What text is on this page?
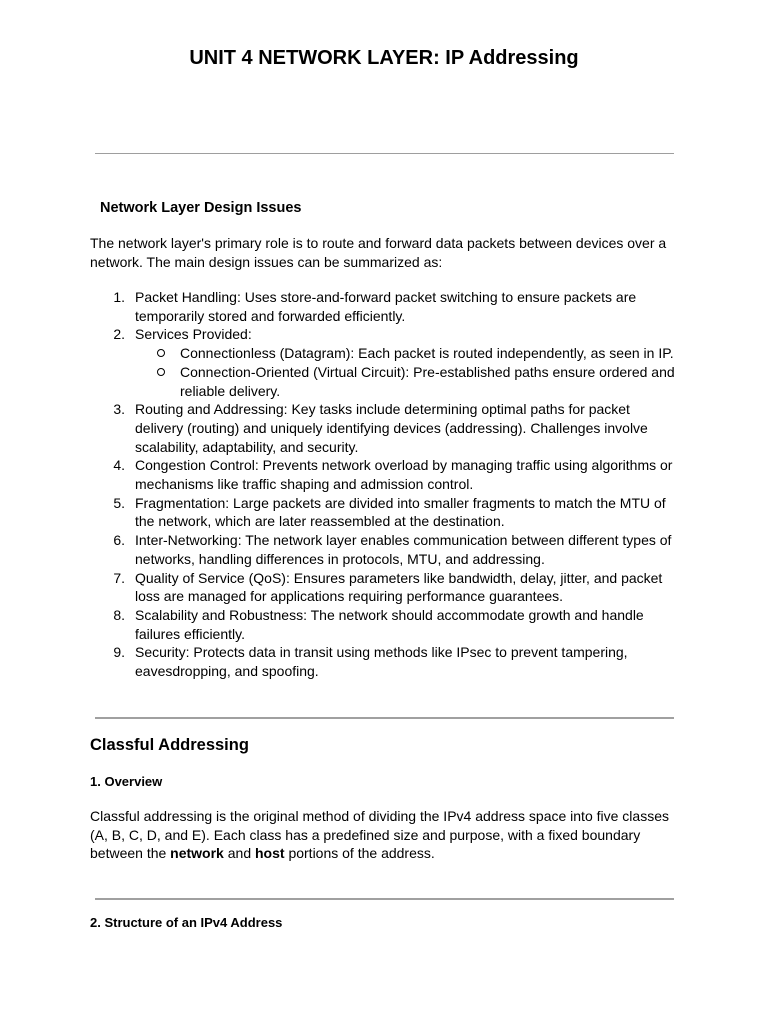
UNIT 4 NETWORK LAYER: IP Addressing
Network Layer Design Issues
The network layer's primary role is to route and forward data packets between devices over a network. The main design issues can be summarized as:
1. Packet Handling: Uses store-and-forward packet switching to ensure packets are temporarily stored and forwarded efficiently.
2. Services Provided:
Connectionless (Datagram): Each packet is routed independently, as seen in IP.
Connection-Oriented (Virtual Circuit): Pre-established paths ensure ordered and reliable delivery.
3. Routing and Addressing: Key tasks include determining optimal paths for packet delivery (routing) and uniquely identifying devices (addressing). Challenges involve scalability, adaptability, and security.
4. Congestion Control: Prevents network overload by managing traffic using algorithms or mechanisms like traffic shaping and admission control.
5. Fragmentation: Large packets are divided into smaller fragments to match the MTU of the network, which are later reassembled at the destination.
6. Inter-Networking: The network layer enables communication between different types of networks, handling differences in protocols, MTU, and addressing.
7. Quality of Service (QoS): Ensures parameters like bandwidth, delay, jitter, and packet loss are managed for applications requiring performance guarantees.
8. Scalability and Robustness: The network should accommodate growth and handle failures efficiently.
9. Security: Protects data in transit using methods like IPsec to prevent tampering, eavesdropping, and spoofing.
Classful Addressing
1. Overview
Classful addressing is the original method of dividing the IPv4 address space into five classes (A, B, C, D, and E). Each class has a predefined size and purpose, with a fixed boundary between the network and host portions of the address.
2. Structure of an IPv4 Address
